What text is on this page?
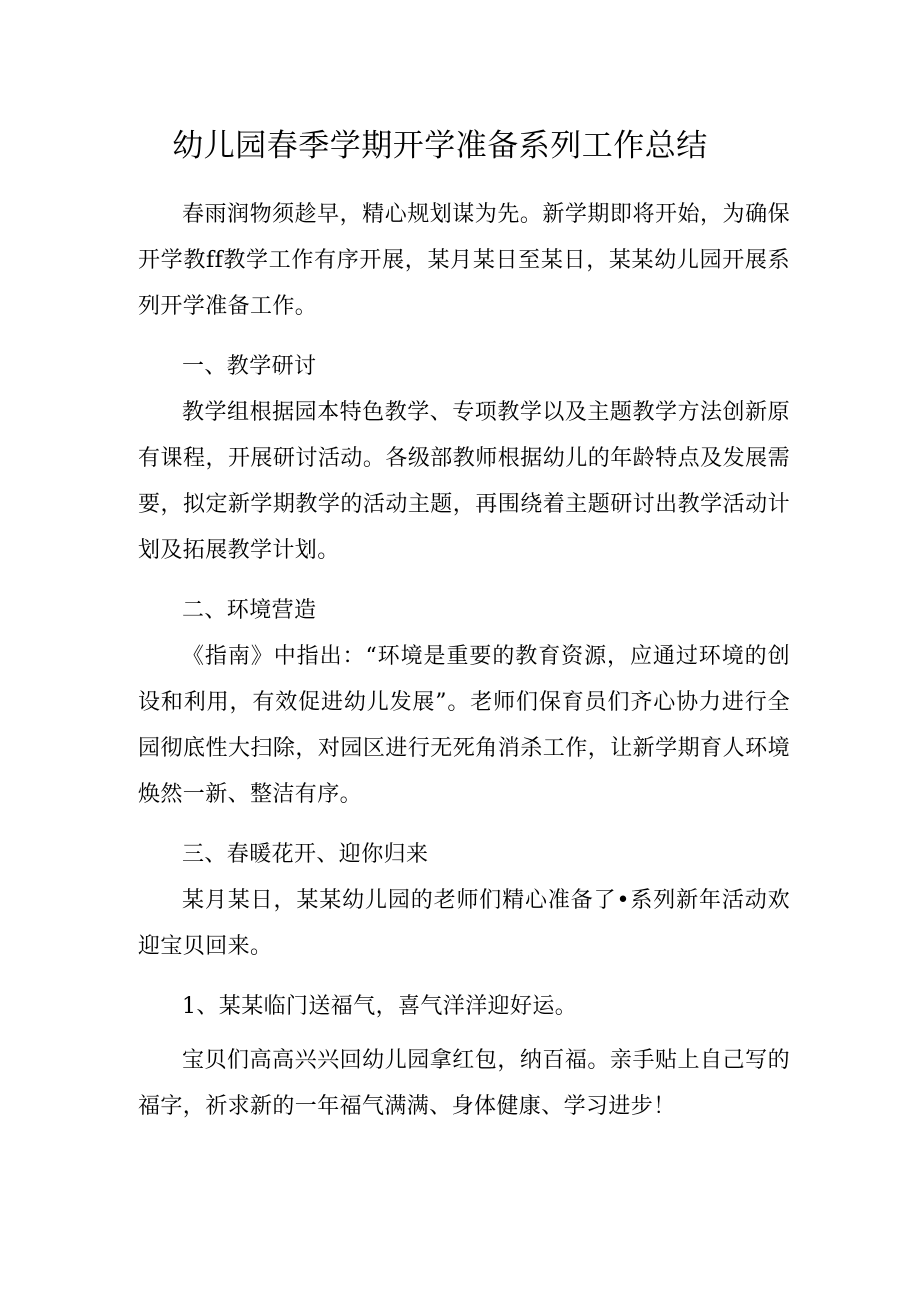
幼儿园春季学期开学准备系列工作总结

春雨润物须趁早，精心规划谋为先。新学期即将开始，为确保开学教ff教学工作有序开展，某月某日至某日，某某幼儿园开展系列开学准备工作。

一、教学研讨

教学组根据园本特色教学、专项教学以及主题教学方法创新原有课程，开展研讨活动。各级部教师根据幼儿的年龄特点及发展需要，拟定新学期教学的活动主题，再围绕着主题研讨出教学活动计划及拓展教学计划。

二、环境营造

《指南》中指出：“环境是重要的教育资源，应通过环境的创设和利用，有效促进幼儿发展”。老师们保育员们齐心协力进行全园彻底性大扫除，对园区进行无死角消杀工作，让新学期育人环境焕然一新、整洁有序。

三、春暖花开、迎你归来

某月某日，某某幼儿园的老师们精心准备了•系列新年活动欢迎宝贝回来。

1、某某临门送福气，喜气洋洋迎好运。

宝贝们高高兴兴回幼儿园拿红包，纳百福。亲手贴上自己写的福字，祈求新的一年福气满满、身体健康、学习进步！
